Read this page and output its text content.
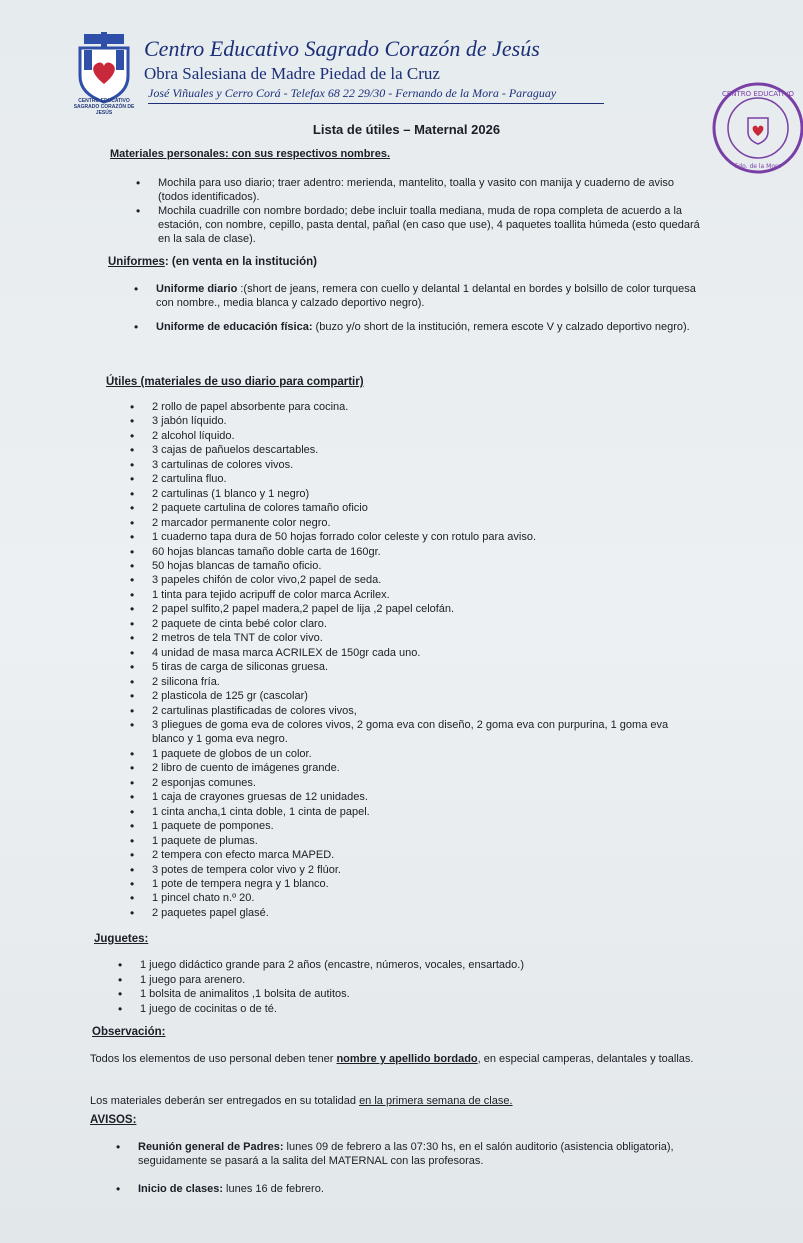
CENTRO EDUCATIVO SAGRADO CORAZÓN DE JESÚS
Centro Educativo Sagrado Corazón de Jesús
Obra Salesiana de Madre Piedad de la Cruz
José Viñuales y Cerro Corá - Telefax 68 22 29/30 - Fernando de la Mora - Paraguay	CENTRO EDUCATIVO
Fdo. de la Mora
Lista de útiles – Maternal 2026
Materiales personales: con sus respectivos nombres.
• Mochila para uso diario; traer adentro: merienda, mantelito, toalla y vasito con manija y cuaderno de aviso (todos identificados).
• Mochila cuadrille con nombre bordado; debe incluir toalla mediana, muda de ropa completa de acuerdo a la estación, con nombre, cepillo, pasta dental, pañal (en caso que use), 4 paquetes toallita húmeda (esto quedará en la sala de clase).
Uniformes: (en venta en la institución)
• Uniforme diario :(short de jeans, remera con cuello y delantal 1 delantal en bordes y bolsillo de color turquesa con nombre., media blanca y calzado deportivo negro).
• Uniforme de educación física: (buzo y/o short de la institución, remera escote V y calzado deportivo negro).
Útiles (materiales de uso diario para compartir)
• 2 rollo de papel absorbente para cocina.
• 3 jabón líquido.
• 2 alcohol líquido.
• 3 cajas de pañuelos descartables.
• 3 cartulinas de colores vivos.
• 2 cartulina fluo.
• 2 cartulinas (1 blanco y 1 negro)
• 2 paquete cartulina de colores tamaño oficio
• 2 marcador permanente color negro.
• 1 cuaderno tapa dura de 50 hojas forrado color celeste y con rotulo para aviso.
• 60 hojas blancas tamaño doble carta de 160gr.
• 50 hojas blancas de tamaño oficio.
• 3 papeles chifón de color vivo,2 papel de seda.
• 1 tinta para tejido acripuff de color marca Acrilex.
• 2 papel sulfito,2 papel madera,2 papel de lija ,2 papel celofán.
• 2 paquete de cinta bebé color claro.
• 2 metros de tela TNT de color vivo.
• 4 unidad de masa marca ACRILEX de 150gr cada uno.
• 5 tiras de carga de siliconas gruesa.
• 2 silicona fría.
• 2 plasticola de 125 gr (cascolar)
• 2 cartulinas plastificadas de colores vivos,
• 3 pliegues de goma eva de colores vivos, 2 goma eva con diseño, 2 goma eva con purpurina, 1 goma eva blanco y 1 goma eva negro.
• 1 paquete de globos de un color.
• 2 libro de cuento de imágenes grande.
• 2 esponjas comunes.
• 1 caja de crayones gruesas de 12 unidades.
• 1 cinta ancha,1 cinta doble, 1 cinta de papel.
• 1 paquete de pompones.
• 1 paquete de plumas.
• 2 tempera con efecto marca MAPED.
• 3 potes de tempera color vivo y 2 flúor.
• 1 pote de tempera negra y 1 blanco.
• 1 pincel chato n.º 20.
• 2 paquetes papel glasé.
Juguetes:
• 1 juego didáctico grande para 2 años (encastre, números, vocales, ensartado.)
• 1 juego para arenero.
• 1 bolsita de animalitos ,1 bolsita de autitos.
• 1 juego de cocinitas o de té.
Observación:
Todos los elementos de uso personal deben tener nombre y apellido bordado, en especial camperas, delantales y toallas.
Los materiales deberán ser entregados en su totalidad en la primera semana de clase.
AVISOS:
• Reunión general de Padres: lunes 09 de febrero a las 07:30 hs, en el salón auditorio (asistencia obligatoria), seguidamente se pasará a la salita del MATERNAL con las profesoras.
• Inicio de clases: lunes 16 de febrero.
